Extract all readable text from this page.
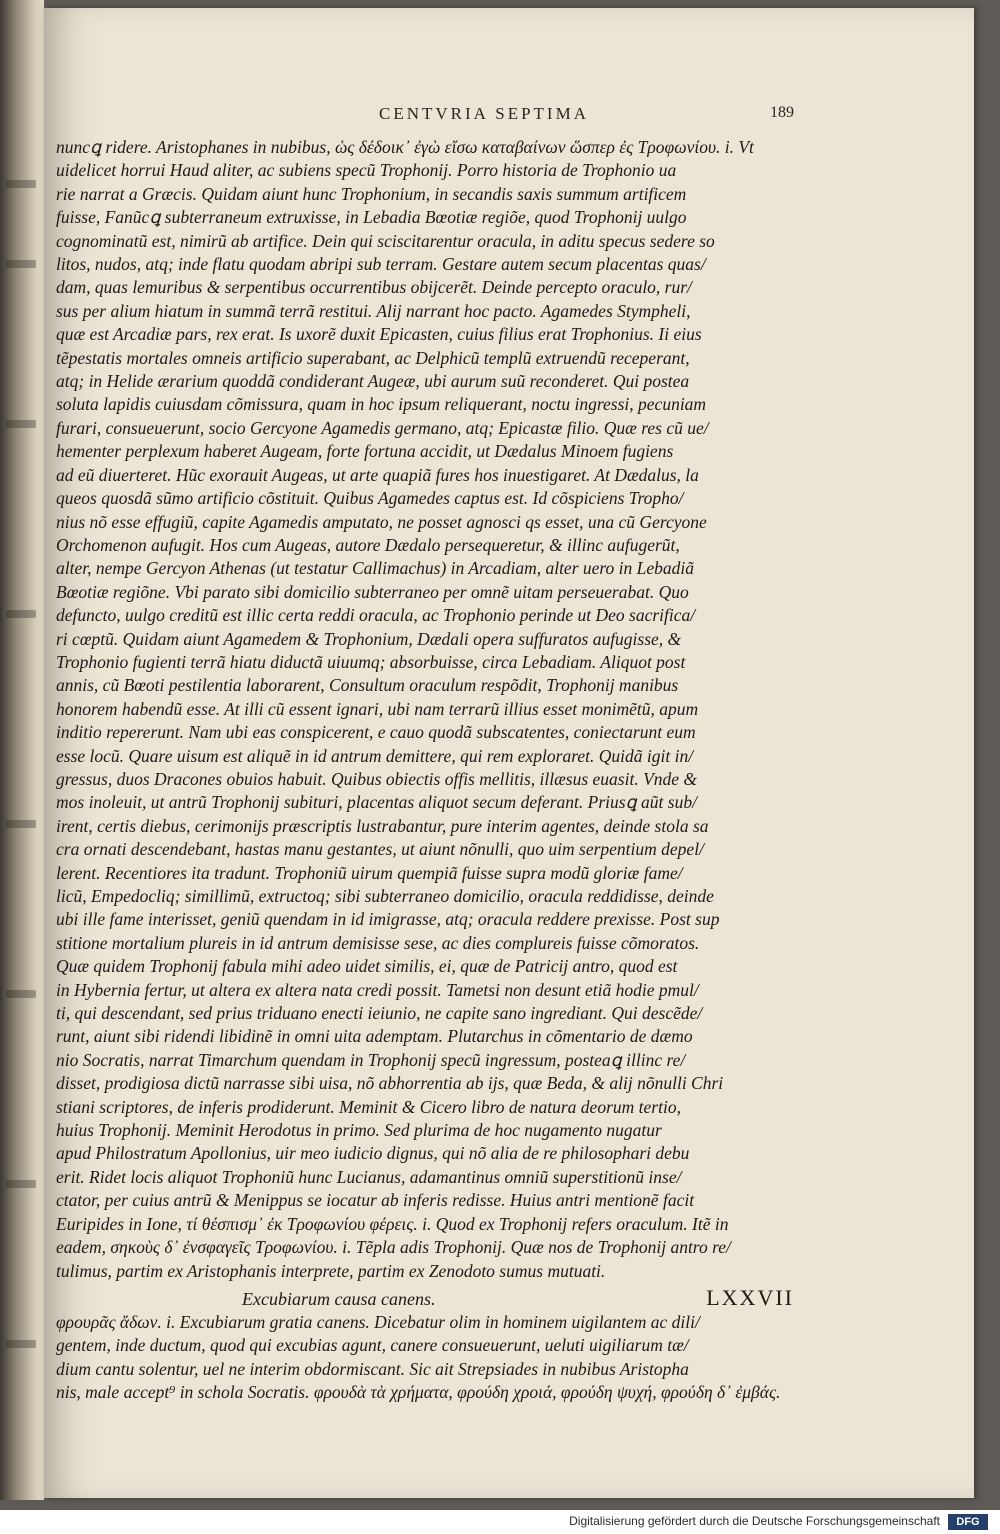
CENTVRIA SEPTIMA	189
nuncꝗ ridere. Aristophanes in nubibus, ὡς δέδοικ᾽ ἐγὼ εἴσω καταβαίνων ὥσπερ ἐς Τροφωνίου. i. Vt
uidelicet horrui Haud aliter, ac subiens specũ Trophonij. Porro historia de Trophonio ua
rie narrat a Græcis. Quidam aiunt hunc Trophonium, in secandis saxis summum artificem
fuisse, Fanũcꝗ subterraneum extruxisse, in Lebadia Bœotiæ regiõe, quod Trophonij uulgo
cognominatũ est, nimirũ ab artifice. Dein qui sciscitarentur oracula, in aditu specus sedere so
litos, nudos, atq; inde flatu quodam abripi sub terram. Gestare autem secum placentas quas/
dam, quas lemuribus & serpentibus occurrentibus obijcerẽt. Deinde percepto oraculo, rur/
sus per alium hiatum in summã terrã restitui. Alij narrant hoc pacto. Agamedes Stympheli,
quæ est Arcadiæ pars, rex erat. Is uxorẽ duxit Epicasten, cuius filius erat Trophonius. Ii eius
tẽpestatis mortales omneis artificio superabant, ac Delphicũ templũ extruendũ receperant,
atq; in Helide ærarium quoddã condiderant Augeæ, ubi aurum suũ reconderet. Qui postea
soluta lapidis cuiusdam cõmissura, quam in hoc ipsum reliquerant, noctu ingressi, pecuniam
furari, consueuerunt, socio Gercyone Agamedis germano, atq; Epicastæ filio. Quæ res cũ ue/
hementer perplexum haberet Augeam, forte fortuna accidit, ut Dædalus Minoem fugiens
ad eũ diuerteret. Hũc exorauit Augeas, ut arte quapiã fures hos inuestigaret. At Dædalus, la
queos quosdã sũmo artificio cõstituit. Quibus Agamedes captus est. Id cõspiciens Tropho/
nius nõ esse effugiũ, capite Agamedis amputato, ne posset agnosci qs esset, una cũ Gercyone
Orchomenon aufugit. Hos cum Augeas, autore Dædalo persequeretur, & illinc aufugerũt,
alter, nempe Gercyon Athenas (ut testatur Callimachus) in Arcadiam, alter uero in Lebadiã
Bœotiæ regiõne. Vbi parato sibi domicilio subterraneo per omnẽ uitam perseuerabat. Quo
defuncto, uulgo creditũ est illic certa reddi oracula, ac Trophonio perinde ut Deo sacrifica/
ri cœptũ. Quidam aiunt Agamedem & Trophonium, Dædali opera suffuratos aufugisse, &
Trophonio fugienti terrã hiatu diductã uiuumq; absorbuisse, circa Lebadiam. Aliquot post
annis, cũ Bœoti pestilentia laborarent, Consultum oraculum respõdit, Trophonij manibus
honorem habendũ esse. At illi cũ essent ignari, ubi nam terrarũ illius esset monimẽtũ, apum
inditio repererunt. Nam ubi eas conspicerent, e cauo quodã subscatentes, coniectarunt eum
esse locũ. Quare uisum est aliquẽ in id antrum demittere, qui rem exploraret. Quidã igit in/
gressus, duos Dracones obuios habuit. Quibus obiectis offis mellitis, illæsus euasit. Vnde &
mos inoleuit, ut antrũ Trophonij subituri, placentas aliquot secum deferant. Priusꝗ aũt sub/
irent, certis diebus, cerimonijs præscriptis lustrabantur, pure interim agentes, deinde stola sa
cra ornati descendebant, hastas manu gestantes, ut aiunt nõnulli, quo uim serpentium depel/
lerent. Recentiores ita tradunt. Trophoniũ uirum quempiã fuisse supra modũ gloriæ fame/
licũ, Empedocliq; simillimũ, extructoq; sibi subterraneo domicilio, oracula reddidisse, deinde
ubi ille fame interisset, geniũ quendam in id imigrasse, atq; oracula reddere prexisse. Post sup
stitione mortalium plureis in id antrum demisisse sese, ac dies complureis fuisse cõmoratos.
Quæ quidem Trophonij fabula mihi adeo uidet similis, ei, quæ de Patricij antro, quod est
in Hybernia fertur, ut altera ex altera nata credi possit. Tametsi non desunt etiã hodie pmul/
ti, qui descendant, sed prius triduano enecti ieiunio, ne capite sano ingrediant. Qui descẽde/
runt, aiunt sibi ridendi libidinẽ in omni uita ademptam. Plutarchus in cõmentario de dæmo
nio Socratis, narrat Timarchum quendam in Trophonij specũ ingressum, posteaꝗ illinc re/
disset, prodigiosa dictũ narrasse sibi uisa, nõ abhorrentia ab ijs, quæ Beda, & alij nõnulli Chri
stiani scriptores, de inferis prodiderunt. Meminit & Cicero libro de natura deorum tertio,
huius Trophonij. Meminit Herodotus in primo. Sed plurima de hoc nugamento nugatur
apud Philostratum Apollonius, uir meo iudicio dignus, qui nõ alia de re philosophari debu
erit. Ridet locis aliquot Trophoniũ hunc Lucianus, adamantinus omniũ superstitionũ inse/
ctator, per cuius antrũ & Menippus se iocatur ab inferis redisse. Huius antri mentionẽ facit
Euripides in Ione, τί θέσπισμ᾽ ἐκ Τροφωνίου φέρεις. i. Quod ex Trophonij refers oraculum. Itẽ in
eadem, σηκοὺς δ᾽ ἐνσφαγεῖς Τροφωνίου. i. Tẽpla adis Trophonij. Quæ nos de Trophonij antro re/
tulimus, partim ex Aristophanis interprete, partim ex Zenodoto sumus mutuati.
Excubiarum causa canens.	LXXVII
φρουρᾶς ἄδων. i. Excubiarum gratia canens. Dicebatur olim in hominem uigilantem ac dili/
gentem, inde ductum, quod qui excubias agunt, canere consueuerunt, ueluti uigiliarum tæ/
dium cantu solentur, uel ne interim obdormiscant. Sic ait Strepsiades in nubibus Aristopha
nis, male accept⁹ in schola Socratis. φρουδὰ τὰ χρήματα, φρούδη χροιά, φρούδη ψυχή, φρούδη δ᾽ ἐμβάς.
Digitalisierung gefördert durch die Deutsche Forschungsgemeinschaft	DFG
